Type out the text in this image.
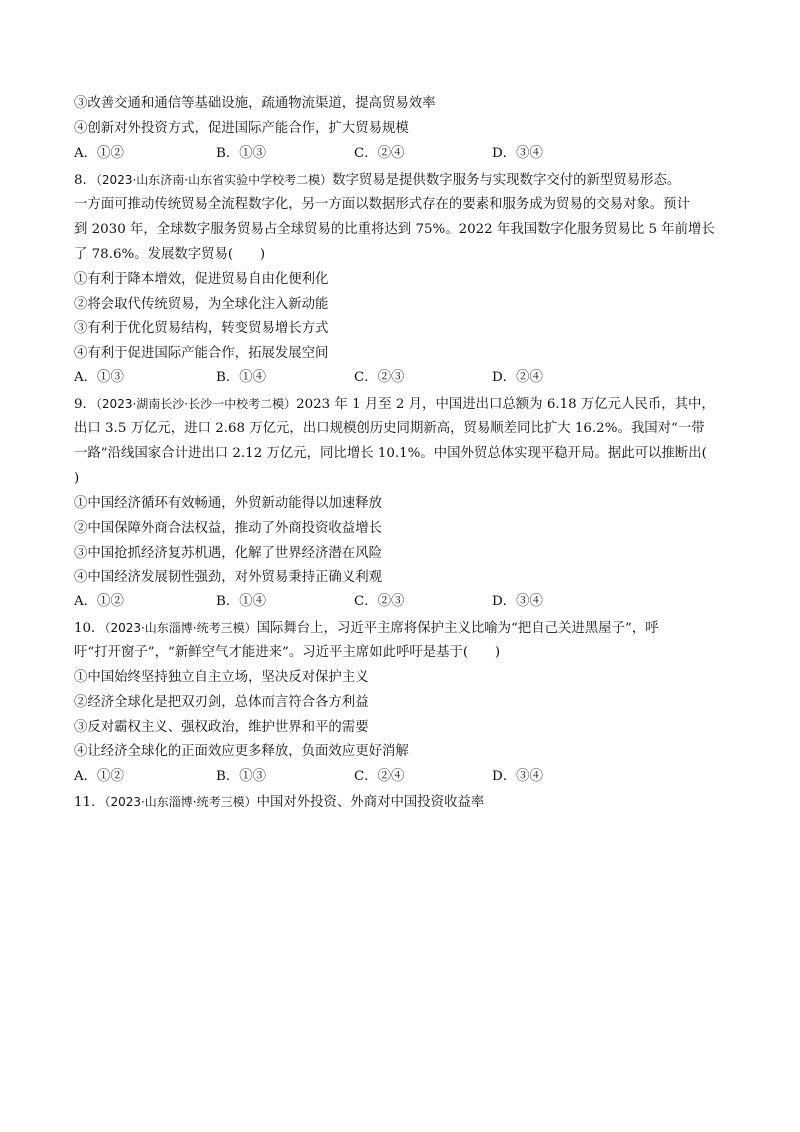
③改善交通和通信等基础设施，疏通物流渠道，提高贸易效率
④创新对外投资方式，促进国际产能合作，扩大贸易规模
A．①②	B．①③	C．②④	D．③④
8．（2023·山东济南·山东省实验中学校考二模）数字贸易是提供数字服务与实现数字交付的新型贸易形态。
一方面可推动传统贸易全流程数字化，另一方面以数据形式存在的要素和服务成为贸易的交易对象。预计
到 2030 年，全球数字服务贸易占全球贸易的比重将达到 75%。2022 年我国数字化服务贸易比 5 年前增长
了 78.6%。发展数字贸易(　　)
①有利于降本增效，促进贸易自由化便利化
②将会取代传统贸易，为全球化注入新动能
③有利于优化贸易结构，转变贸易增长方式
④有利于促进国际产能合作，拓展发展空间
A．①③	B．①④	C．②③	D．②④
9．（2023·湖南长沙·长沙一中校考二模）2023 年 1 月至 2 月，中国进出口总额为 6.18 万亿元人民币，其中，
出口 3.5 万亿元，进口 2.68 万亿元，出口规模创历史同期新高，贸易顺差同比扩大 16.2%。我国对“一带
一路”沿线国家合计进出口 2.12 万亿元，同比增长 10.1%。中国外贸总体实现平稳开局。据此可以推断出(
)
①中国经济循环有效畅通，外贸新动能得以加速释放
②中国保障外商合法权益，推动了外商投资收益增长
③中国抢抓经济复苏机遇，化解了世界经济潜在风险
④中国经济发展韧性强劲，对外贸易秉持正确义利观
A．①②	B．①④	C．②③	D．③④
10．（2023·山东淄博·统考三模）国际舞台上，习近平主席将保护主义比喻为“把自己关进黑屋子”，呼
吁“打开窗子”，“新鲜空气才能进来”。习近平主席如此呼吁是基于(　　)
①中国始终坚持独立自主立场，坚决反对保护主义
②经济全球化是把双刃剑，总体而言符合各方利益
③反对霸权主义、强权政治，维护世界和平的需要
④让经济全球化的正面效应更多释放，负面效应更好消解
A．①②	B．①③	C．②④	D．③④
11．（2023·山东淄博·统考三模）中国对外投资、外商对中国投资收益率
